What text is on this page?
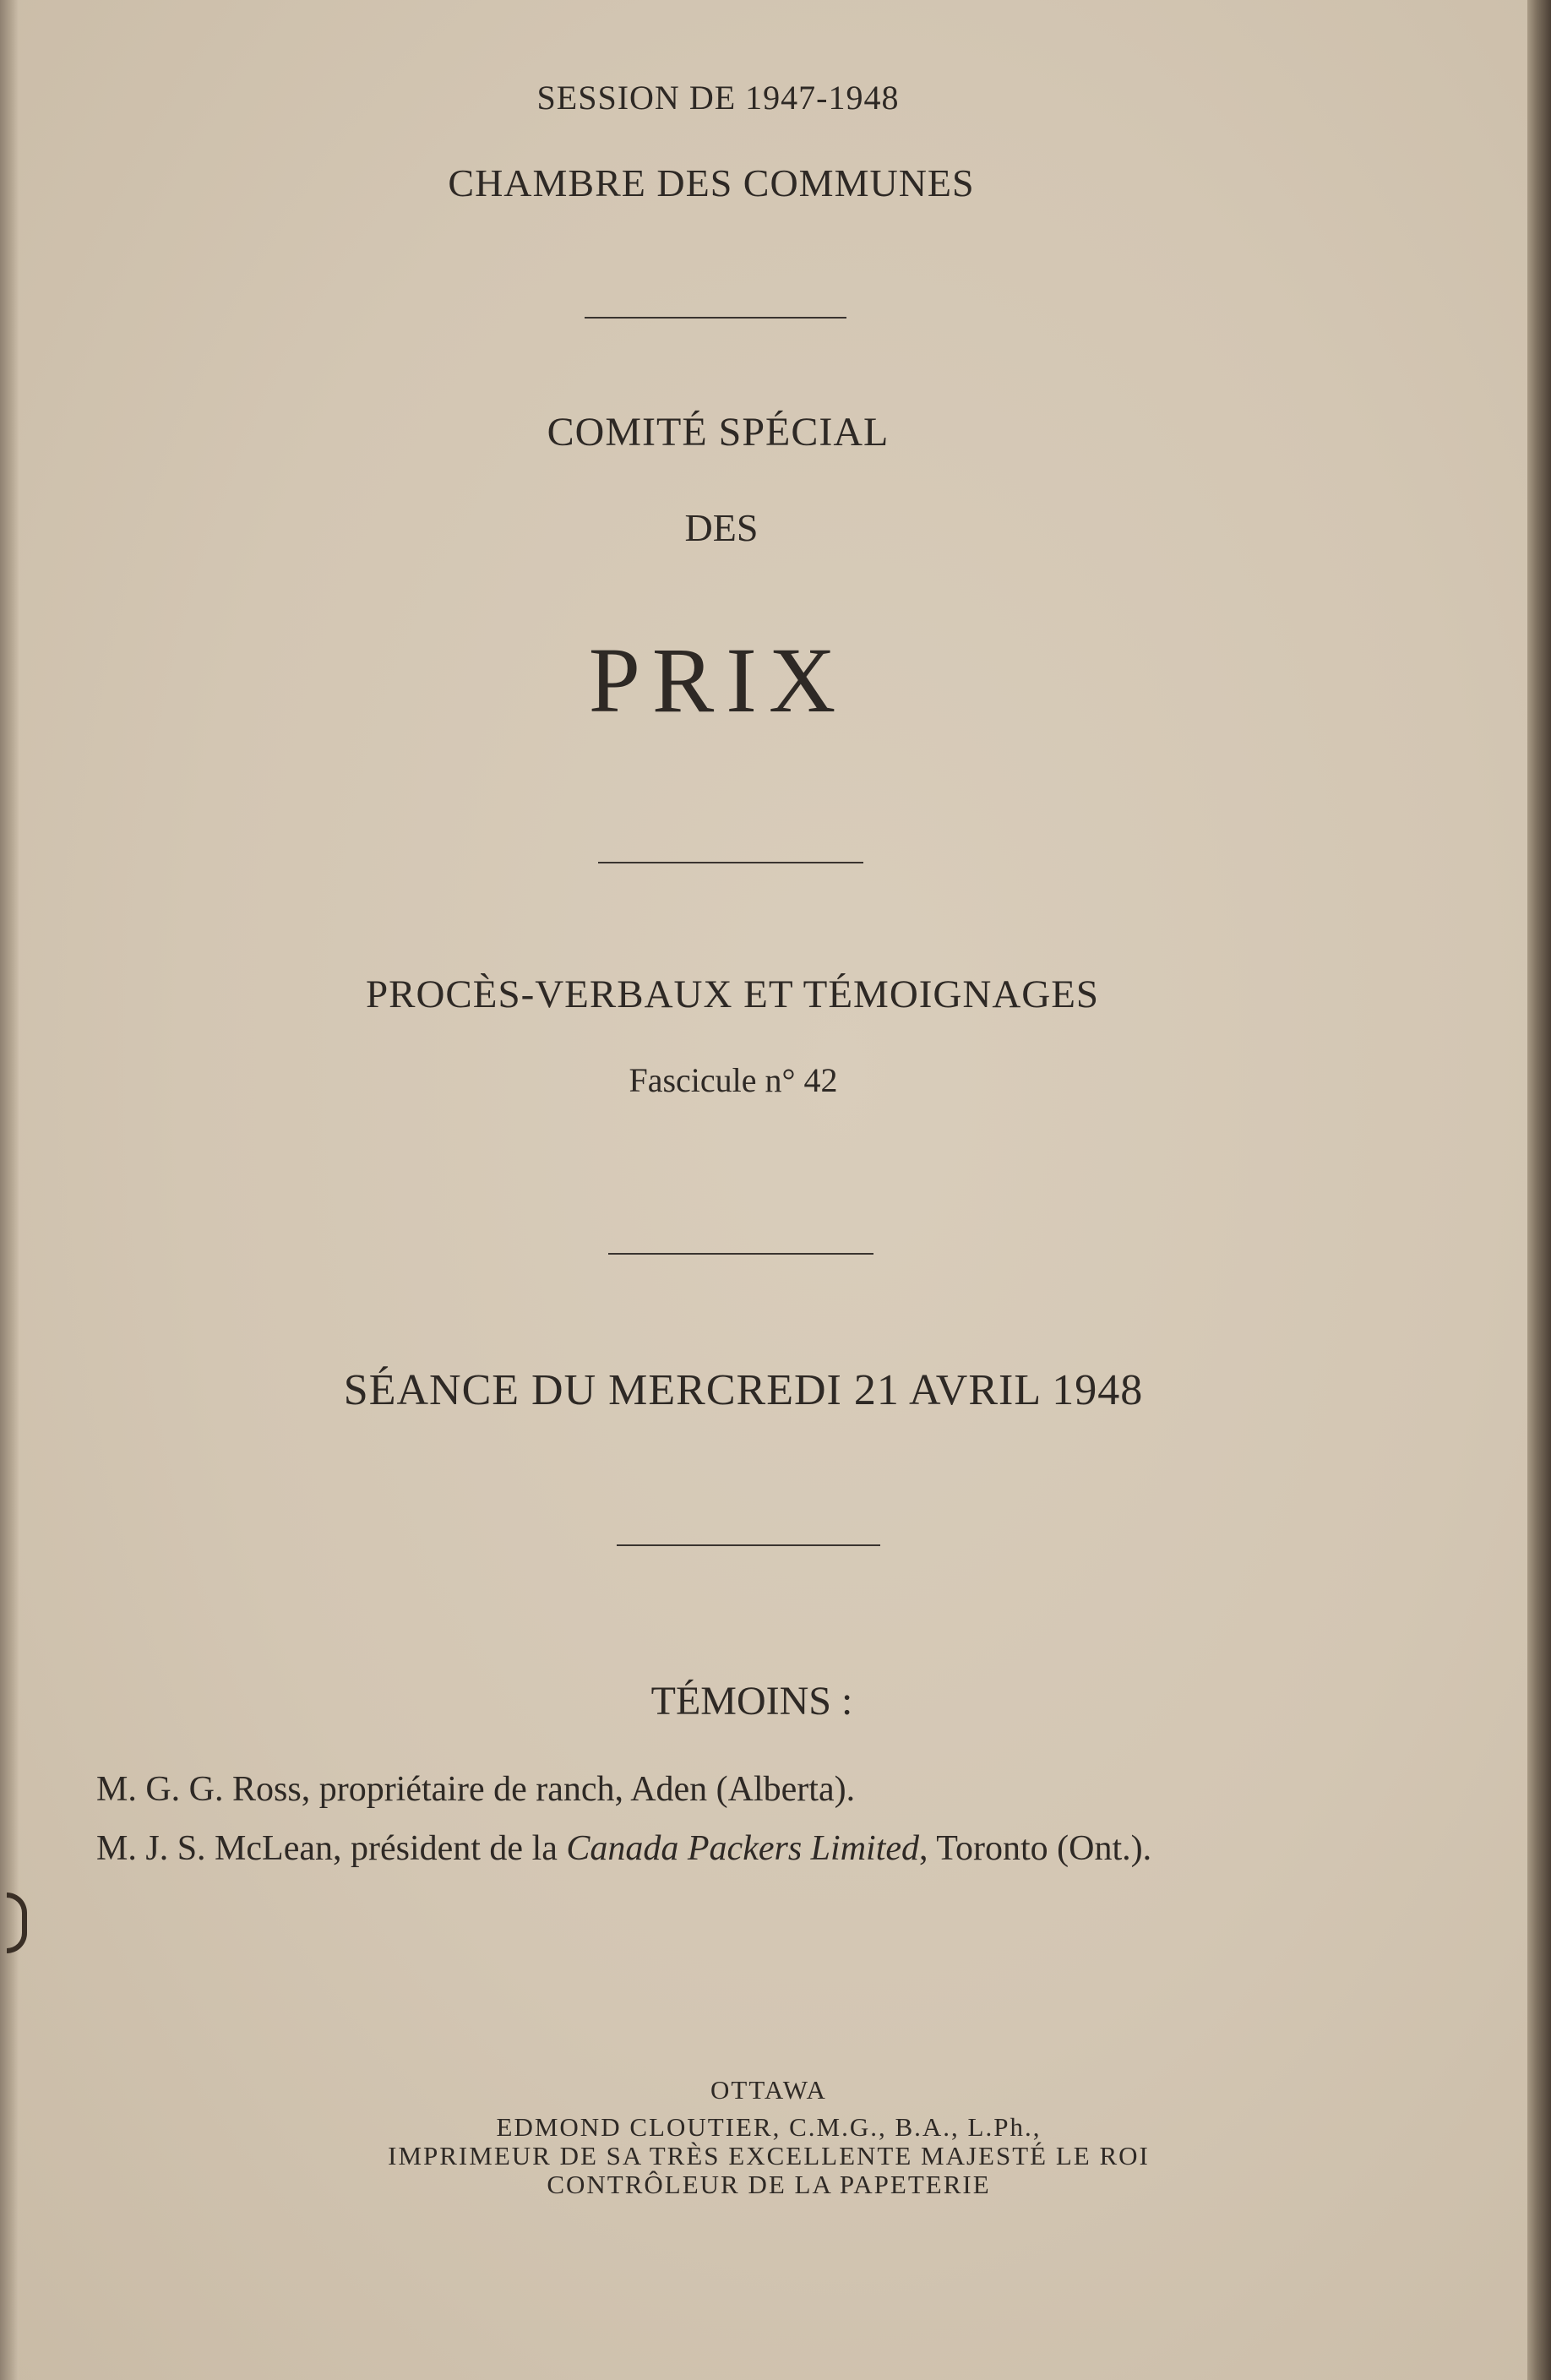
SESSION DE 1947-1948
CHAMBRE DES COMMUNES
COMITÉ SPÉCIAL
DES
PRIX
PROCÈS-VERBAUX ET TÉMOIGNAGES
Fascicule n° 42
SÉANCE DU MERCREDI 21 AVRIL 1948
TÉMOINS :
M. G. G. Ross, propriétaire de ranch, Aden (Alberta).
M. J. S. McLean, président de la Canada Packers Limited, Toronto (Ont.).
OTTAWA
EDMOND CLOUTIER, C.M.G., B.A., L.Ph.,
IMPRIMEUR DE SA TRÈS EXCELLENTE MAJESTÉ LE ROI
CONTRÔLEUR DE LA PAPETERIE
